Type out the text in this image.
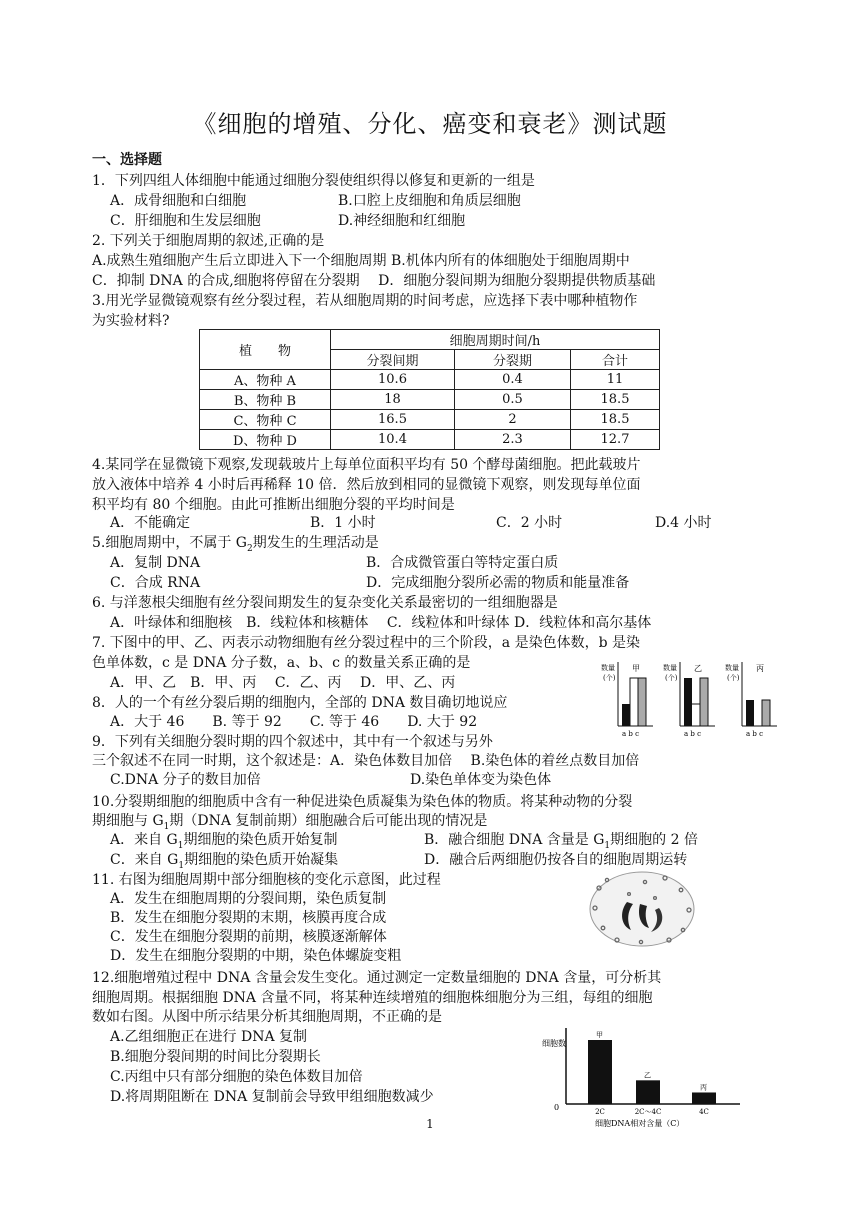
《细胞的增殖、分化、癌变和衰老》测试题
一、选择题
1．下列四组人体细胞中能通过细胞分裂使组织得以修复和更新的一组是
A．成骨细胞和白细胞	B.口腔上皮细胞和角质层细胞
C．肝细胞和生发层细胞	D.神经细胞和红细胞
2. 下列关于细胞周期的叙述,正确的是
A.成熟生殖细胞产生后立即进入下一个细胞周期 B.机体内所有的体细胞处于细胞周期中
C．抑制 DNA 的合成,细胞将停留在分裂期　 D．细胞分裂间期为细胞分裂期提供物质基础
3.用光学显微镜观察有丝分裂过程，若从细胞周期的时间考虑，应选择下表中哪种植物作
为实验材料?
植　　物	细胞周期时间/h		
	分裂间期	分裂期	合计
A、物种 A	10.6	0.4	11
B、物种 B	18	0.5	18.5
C、物种 C	16.5	2	18.5
D、物种 D	10.4	2.3	12.7
4.某同学在显微镜下观察,发现载玻片上每单位面积平均有 50 个酵母菌细胞。把此载玻片
放入液体中培养 4 小时后再稀释 10 倍．然后放到相同的显微镜下观察，则发现每单位面
积平均有 80 个细胞。由此可推断出细胞分裂的平均时间是
A．不能确定	B．1 小时	C．2 小时	D.4 小时
5.细胞周期中，不属于 $G_2$期发生的生理活动是
A．复制 DNA	B．合成微管蛋白等特定蛋白质
C．合成 RNA	D．完成细胞分裂所必需的物质和能量准备
6. 与洋葱根尖细胞有丝分裂间期发生的复杂变化关系最密切的一组细胞器是
A．叶绿体和细胞核　B．线粒体和核糖体　 C．线粒体和叶绿体 D．线粒体和高尔基体
7. 下图中的甲、乙、丙表示动物细胞有丝分裂过程中的三个阶段，a 是染色体数，b 是染
色单体数，c 是 DNA 分子数，a、b、c 的数量关系正确的是
A．甲、乙　B．甲、丙　 C．乙、丙　 D．甲、乙、丙
数量
(个)
甲
a b c
数量
(个)
乙
a b c
数量
(个)
丙
a b c
8．人的一个有丝分裂后期的细胞内，全部的 DNA 数目确切地说应
A．大于 46　　B. 等于 92　　C. 等于 46　　D. 大于 92
9．下列有关细胞分裂时期的四个叙述中，其中有一个叙述与另外
三个叙述不在同一时期，这个叙述是：A．染色体数目加倍　 B.染色体的着丝点数目加倍
C.DNA 分子的数目加倍	D.染色单体变为染色体
10.分裂期细胞的细胞质中含有一种促进染色质凝集为染色体的物质。将某种动物的分裂
期细胞与 $G_1$期（DNA 复制前期）细胞融合后可能出现的情况是
A．来自 $G_1$期细胞的染色质开始复制	B．融合细胞 DNA 含量是 $G_1$期细胞的 2 倍
C．来自 $G_1$期细胞的染色质开始凝集	D．融合后两细胞仍按各自的细胞周期运转
11. 右图为细胞周期中部分细胞核的变化示意图，此过程
A．发生在细胞周期的分裂间期，染色质复制
B．发生在细胞分裂期的末期，核膜再度合成
C．发生在细胞分裂期的前期，核膜逐渐解体
D．发生在细胞分裂期的中期，染色体螺旋变粗
12.细胞增殖过程中 DNA 含量会发生变化。通过测定一定数量细胞的 DNA 含量，可分析其
细胞周期。根据细胞 DNA 含量不同，将某种连续增殖的细胞株细胞分为三组，每组的细胞
数如右图。从图中所示结果分析其细胞周期，不正确的是
A.乙组细胞正在进行 DNA 复制
B.细胞分裂间期的时间比分裂期长
C.丙组中只有部分细胞的染色体数目加倍
D.将周期阻断在 DNA 复制前会导致甲组细胞数减少
细胞数
0
细胞DNA相对含量（C）
甲
2C
乙
2C～4C
丙
4C
1
